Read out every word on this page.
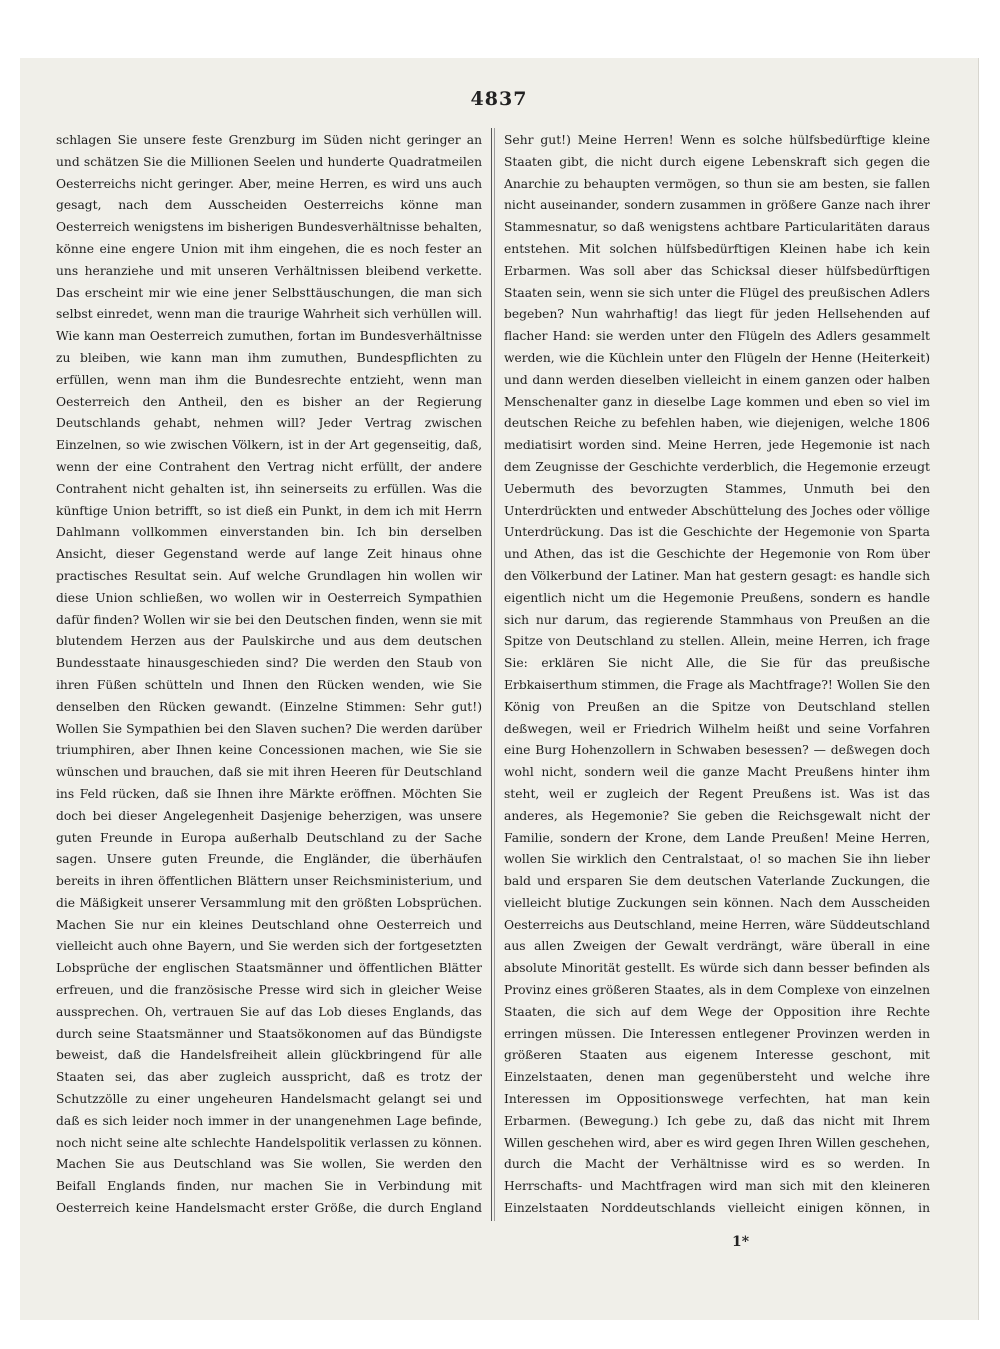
4837

schlagen Sie unsere feste Grenzburg im Süden nicht geringer an und schätzen Sie die Millionen Seelen und hunderte Quadratmeilen Oesterreichs nicht geringer. Aber, meine Herren, es wird uns auch gesagt, nach dem Ausscheiden Oesterreichs könne man Oesterreich wenigstens im bisherigen Bundesverhältnisse behalten, könne eine engere Union mit ihm eingehen, die es noch fester an uns heranziehe und mit unseren Verhältnissen bleibend verkette. Das erscheint mir wie eine jener Selbsttäuschungen, die man sich selbst einredet, wenn man die traurige Wahrheit sich verhüllen will. Wie kann man Oesterreich zumuthen, fortan im Bundesverhältnisse zu bleiben, wie kann man ihm zumuthen, Bundespflichten zu erfüllen, wenn man ihm die Bundesrechte entzieht, wenn man Oesterreich den Antheil, den es bisher an der Regierung Deutschlands gehabt, nehmen will? Jeder Vertrag zwischen Einzelnen, so wie zwischen Völkern, ist in der Art gegenseitig, daß, wenn der eine Contrahent den Vertrag nicht erfüllt, der andere Contrahent nicht gehalten ist, ihn seinerseits zu erfüllen. Was die künftige Union betrifft, so ist dieß ein Punkt, in dem ich mit Herrn Dahlmann vollkommen einverstanden bin. Ich bin derselben Ansicht, dieser Gegenstand werde auf lange Zeit hinaus ohne practisches Resultat sein. Auf welche Grundlagen hin wollen wir diese Union schließen, wo wollen wir in Oesterreich Sympathien dafür finden? Wollen wir sie bei den Deutschen finden, wenn sie mit blutendem Herzen aus der Paulskirche und aus dem deutschen Bundesstaate hinausgeschieden sind? Die werden den Staub von ihren Füßen schütteln und Ihnen den Rücken wenden, wie Sie denselben den Rücken gewandt. (Einzelne Stimmen: Sehr gut!) Wollen Sie Sympathien bei den Slaven suchen? Die werden darüber triumphiren, aber Ihnen keine Concessionen machen, wie Sie sie wünschen und brauchen, daß sie mit ihren Heeren für Deutschland ins Feld rücken, daß sie Ihnen ihre Märkte eröffnen. Möchten Sie doch bei dieser Angelegenheit Dasjenige beherzigen, was unsere guten Freunde in Europa außerhalb Deutschland zu der Sache sagen. Unsere guten Freunde, die Engländer, die überhäufen bereits in ihren öffentlichen Blättern unser Reichsministerium, und die Mäßigkeit unserer Versammlung mit den größten Lobsprüchen. Machen Sie nur ein kleines Deutschland ohne Oesterreich und vielleicht auch ohne Bayern, und Sie werden sich der fortgesetzten Lobsprüche der englischen Staatsmänner und öffentlichen Blätter erfreuen, und die französische Presse wird sich in gleicher Weise aussprechen. Oh, vertrauen Sie auf das Lob dieses Englands, das durch seine Staatsmänner und Staatsökonomen auf das Bündigste beweist, daß die Handelsfreiheit allein glückbringend für alle Staaten sei, das aber zugleich ausspricht, daß es trotz der Schutzzölle zu einer ungeheuren Handelsmacht gelangt sei und daß es sich leider noch immer in der unangenehmen Lage befinde, noch nicht seine alte schlechte Handelspolitik verlassen zu können. Machen Sie aus Deutschland was Sie wollen, Sie werden den Beifall Englands finden, nur machen Sie in Verbindung mit Oesterreich keine Handelsmacht erster Größe, die durch England

Sehr gut!) Meine Herren! Wenn es solche hülfsbedürftige kleine Staaten gibt, die nicht durch eigene Lebenskraft sich gegen die Anarchie zu behaupten vermögen, so thun sie am besten, sie fallen nicht auseinander, sondern zusammen in größere Ganze nach ihrer Stammesnatur, so daß wenigstens achtbare Particularitäten daraus entstehen. Mit solchen hülfsbedürftigen Kleinen habe ich kein Erbarmen. Was soll aber das Schicksal dieser hülfsbedürftigen Staaten sein, wenn sie sich unter die Flügel des preußischen Adlers begeben? Nun wahrhaftig! das liegt für jeden Hellsehenden auf flacher Hand: sie werden unter den Flügeln des Adlers gesammelt werden, wie die Küchlein unter den Flügeln der Henne (Heiterkeit) und dann werden dieselben vielleicht in einem ganzen oder halben Menschenalter ganz in dieselbe Lage kommen und eben so viel im deutschen Reiche zu befehlen haben, wie diejenigen, welche 1806 mediatisirt worden sind. Meine Herren, jede Hegemonie ist nach dem Zeugnisse der Geschichte verderblich, die Hegemonie erzeugt Uebermuth des bevorzugten Stammes, Unmuth bei den Unterdrückten und entweder Abschüttelung des Joches oder völlige Unterdrückung. Das ist die Geschichte der Hegemonie von Sparta und Athen, das ist die Geschichte der Hegemonie von Rom über den Völkerbund der Latiner. Man hat gestern gesagt: es handle sich eigentlich nicht um die Hegemonie Preußens, sondern es handle sich nur darum, das regierende Stammhaus von Preußen an die Spitze von Deutschland zu stellen. Allein, meine Herren, ich frage Sie: erklären Sie nicht Alle, die Sie für das preußische Erbkaiserthum stimmen, die Frage als Machtfrage?! Wollen Sie den König von Preußen an die Spitze von Deutschland stellen deßwegen, weil er Friedrich Wilhelm heißt und seine Vorfahren eine Burg Hohenzollern in Schwaben besessen? — deßwegen doch wohl nicht, sondern weil die ganze Macht Preußens hinter ihm steht, weil er zugleich der Regent Preußens ist. Was ist das anderes, als Hegemonie? Sie geben die Reichsgewalt nicht der Familie, sondern der Krone, dem Lande Preußen! Meine Herren, wollen Sie wirklich den Centralstaat, o! so machen Sie ihn lieber bald und ersparen Sie dem deutschen Vaterlande Zuckungen, die vielleicht blutige Zuckungen sein können. Nach dem Ausscheiden Oesterreichs aus Deutschland, meine Herren, wäre Süddeutschland aus allen Zweigen der Gewalt verdrängt, wäre überall in eine absolute Minorität gestellt. Es würde sich dann besser befinden als Provinz eines größeren Staates, als in dem Complexe von einzelnen Staaten, die sich auf dem Wege der Opposition ihre Rechte erringen müssen. Die Interessen entlegener Provinzen werden in größeren Staaten aus eigenem Interesse geschont, mit Einzelstaaten, denen man gegenübersteht und welche ihre Interessen im Oppositionswege verfechten, hat man kein Erbarmen. (Bewegung.) Ich gebe zu, daß das nicht mit Ihrem Willen geschehen wird, aber es wird gegen Ihren Willen geschehen, durch die Macht der Verhältnisse wird es so werden. In Herrschafts- und Machtfragen wird man sich mit den kleineren Einzelstaaten Norddeutschlands vielleicht einigen können, in

1*
